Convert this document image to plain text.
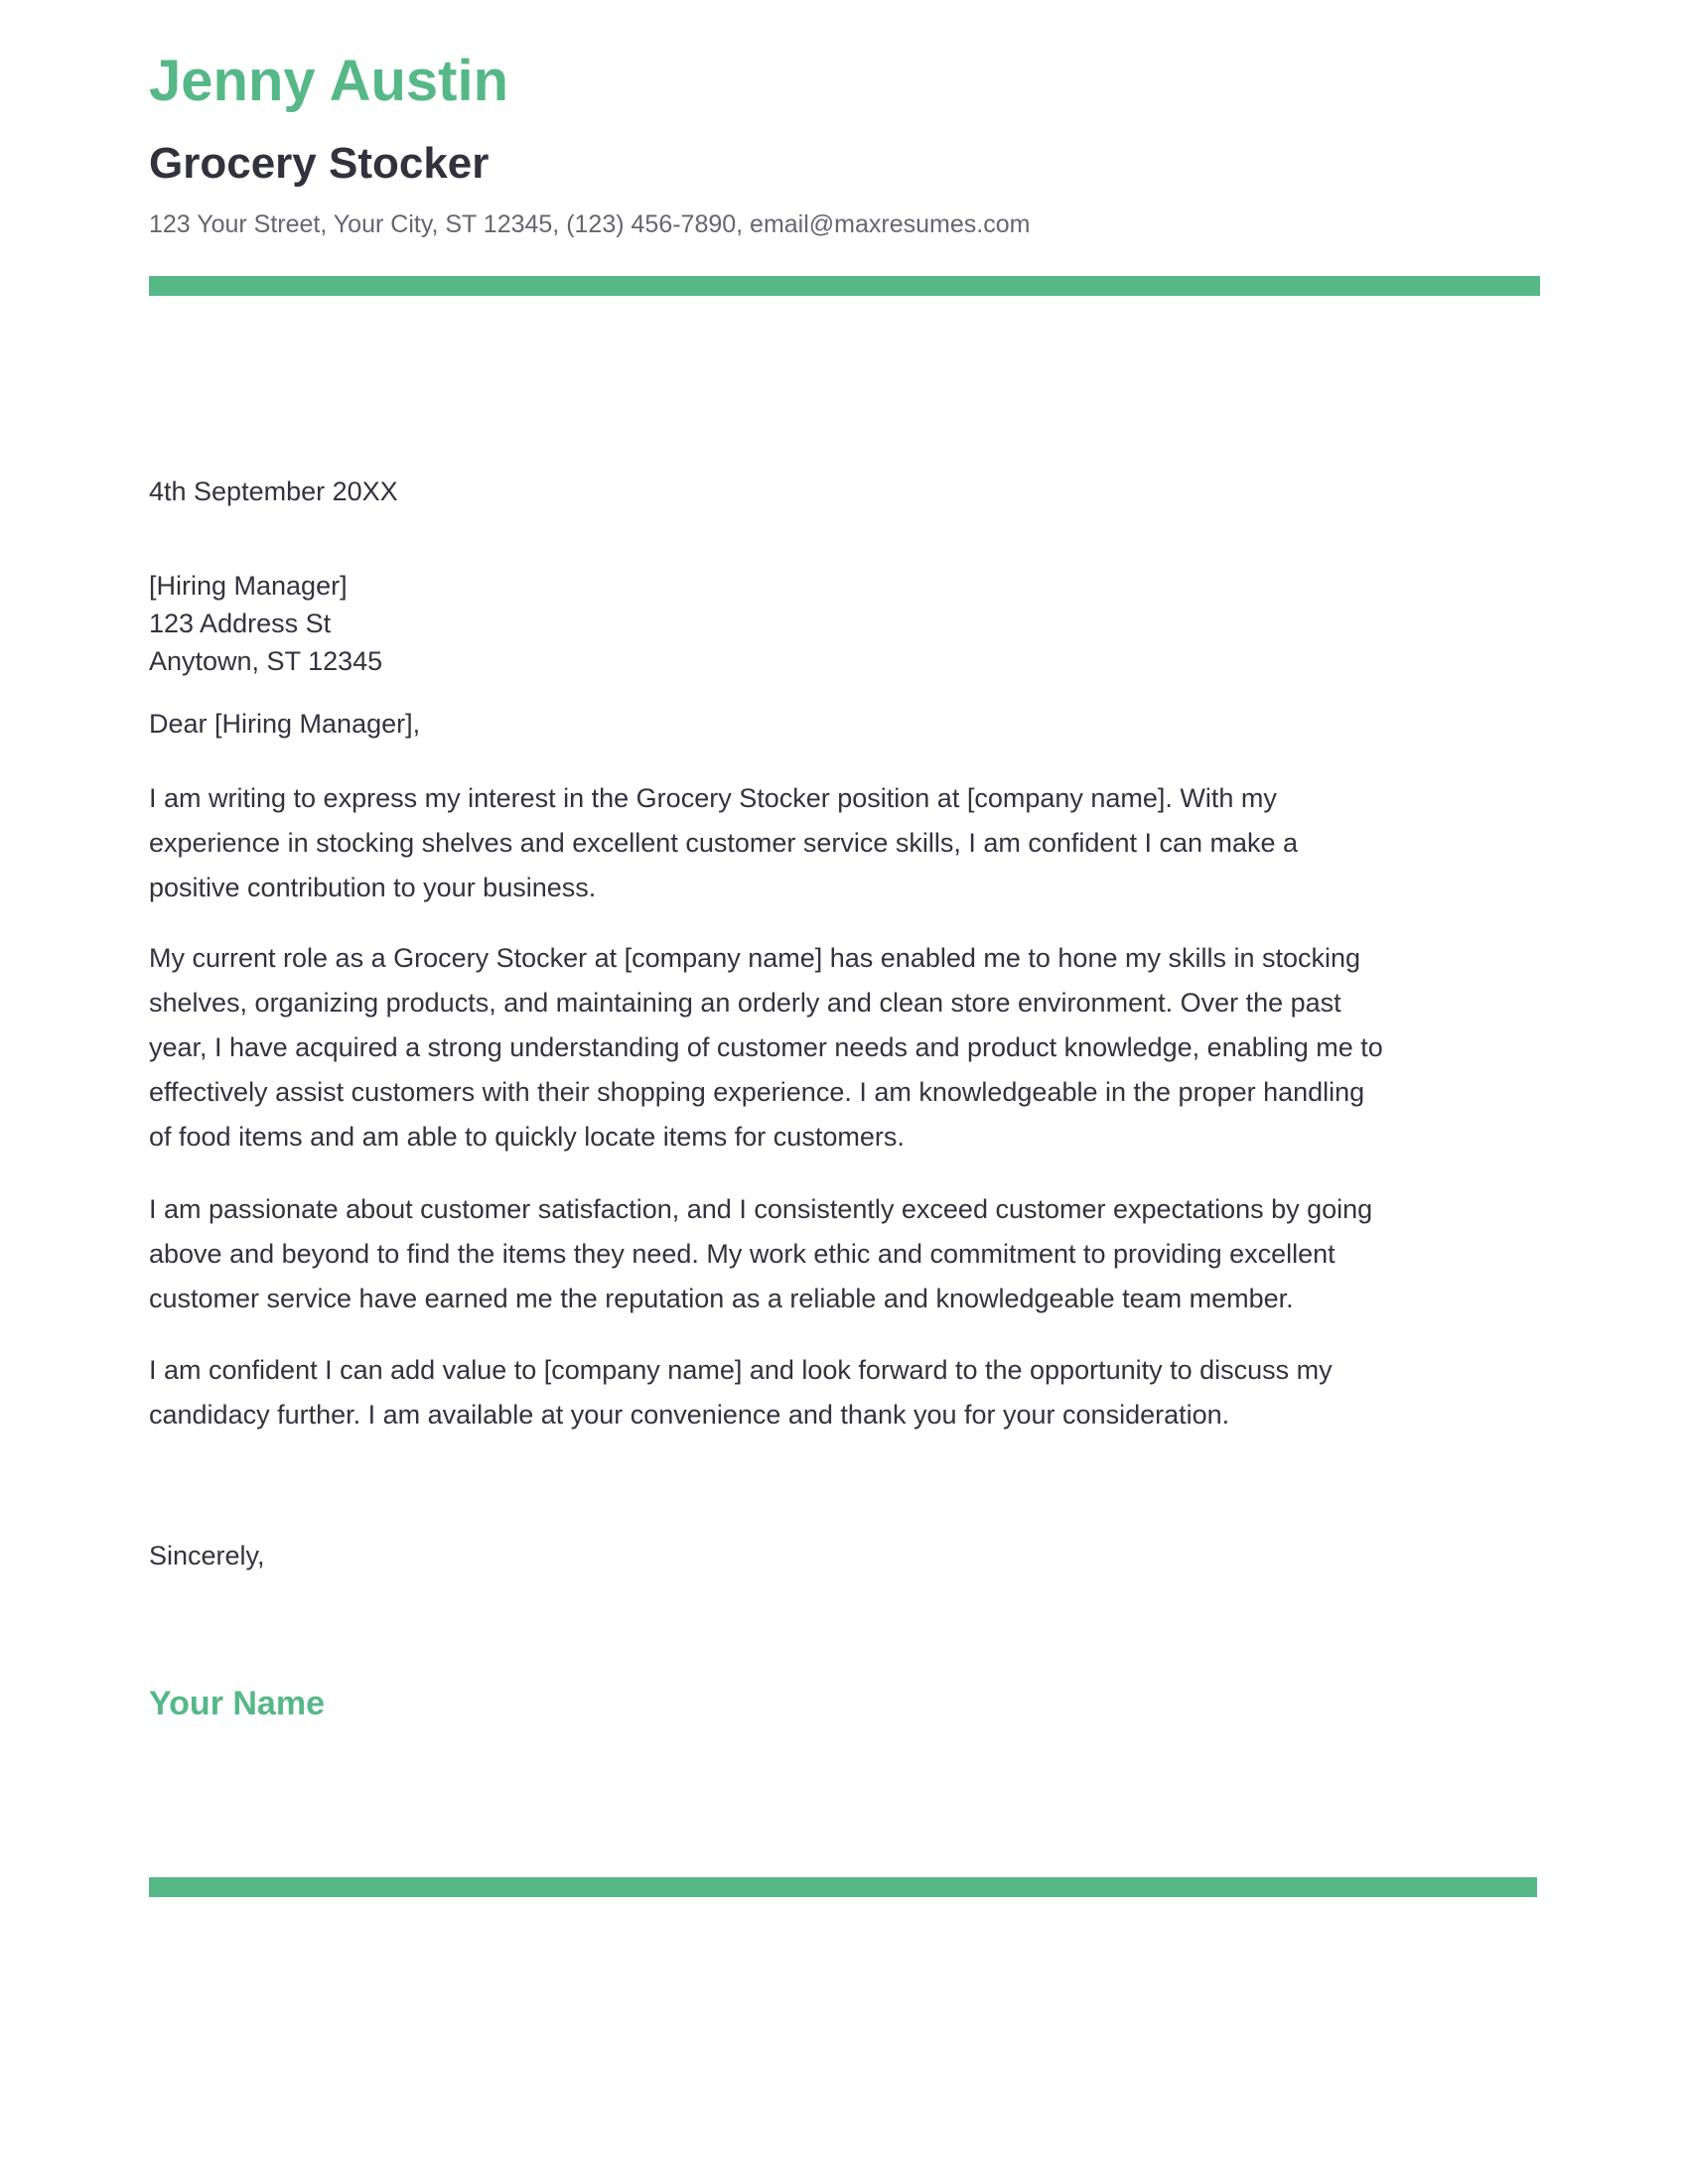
Jenny Austin
Grocery Stocker
123 Your Street, Your City, ST 12345, (123) 456-7890, email@maxresumes.com
4th September 20XX
[Hiring Manager]
123 Address St
Anytown, ST 12345
Dear [Hiring Manager],
I am writing to express my interest in the Grocery Stocker position at [company name]. With my
experience in stocking shelves and excellent customer service skills, I am confident I can make a
positive contribution to your business.
My current role as a Grocery Stocker at [company name] has enabled me to hone my skills in stocking
shelves, organizing products, and maintaining an orderly and clean store environment. Over the past
year, I have acquired a strong understanding of customer needs and product knowledge, enabling me to
effectively assist customers with their shopping experience. I am knowledgeable in the proper handling
of food items and am able to quickly locate items for customers.
I am passionate about customer satisfaction, and I consistently exceed customer expectations by going
above and beyond to find the items they need. My work ethic and commitment to providing excellent
customer service have earned me the reputation as a reliable and knowledgeable team member.
I am confident I can add value to [company name] and look forward to the opportunity to discuss my
candidacy further. I am available at your convenience and thank you for your consideration.
Sincerely,
Your Name
